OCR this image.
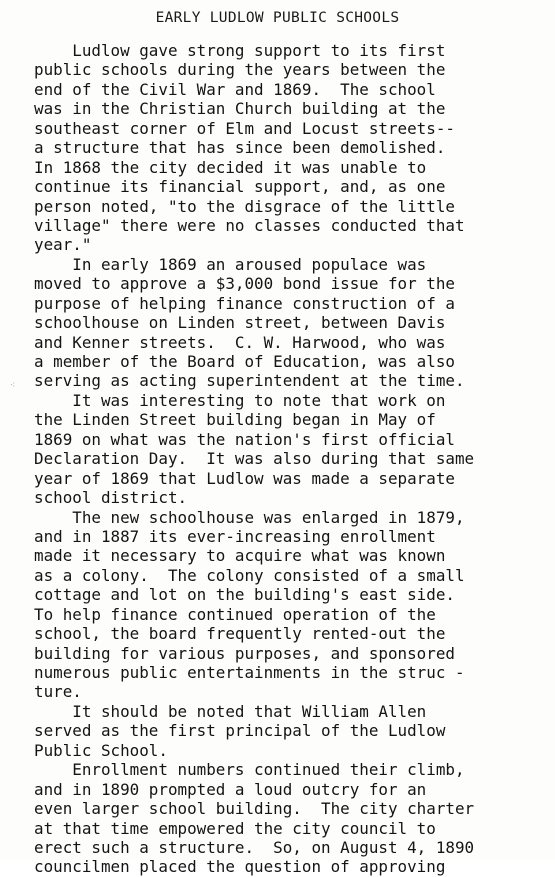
EARLY LUDLOW PUBLIC SCHOOLS
⁖
Ludlow gave strong support to its first
public schools during the years between the
end of the Civil War and 1869.  The school
was in the Christian Church building at the
southeast corner of Elm and Locust streets--
a structure that has since been demolished.
In 1868 the city decided it was unable to
continue its financial support, and, as one
person noted, "to the disgrace of the little
village" there were no classes conducted that
year."
In early 1869 an aroused populace was
moved to approve a $3,000 bond issue for the
purpose of helping finance construction of a
schoolhouse on Linden street, between Davis
and Kenner streets.  C. W. Harwood, who was
a member of the Board of Education, was also
serving as acting superintendent at the time.
It was interesting to note that work on
the Linden Street building began in May of
1869 on what was the nation's first official
Declaration Day.  It was also during that same
year of 1869 that Ludlow was made a separate
school district.
The new schoolhouse was enlarged in 1879,
and in 1887 its ever-increasing enrollment
made it necessary to acquire what was known
as a colony.  The colony consisted of a small
cottage and lot on the building's east side.
To help finance continued operation of the
school, the board frequently rented-out the
building for various purposes, and sponsored
numerous public entertainments in the struc -
ture.
It should be noted that William Allen
served as the first principal of the Ludlow
Public School.
Enrollment numbers continued their climb,
and in 1890 prompted a loud outcry for an
even larger school building.  The city charter
at that time empowered the city council to
erect such a structure.  So, on August 4, 1890
councilmen placed the question of approving
